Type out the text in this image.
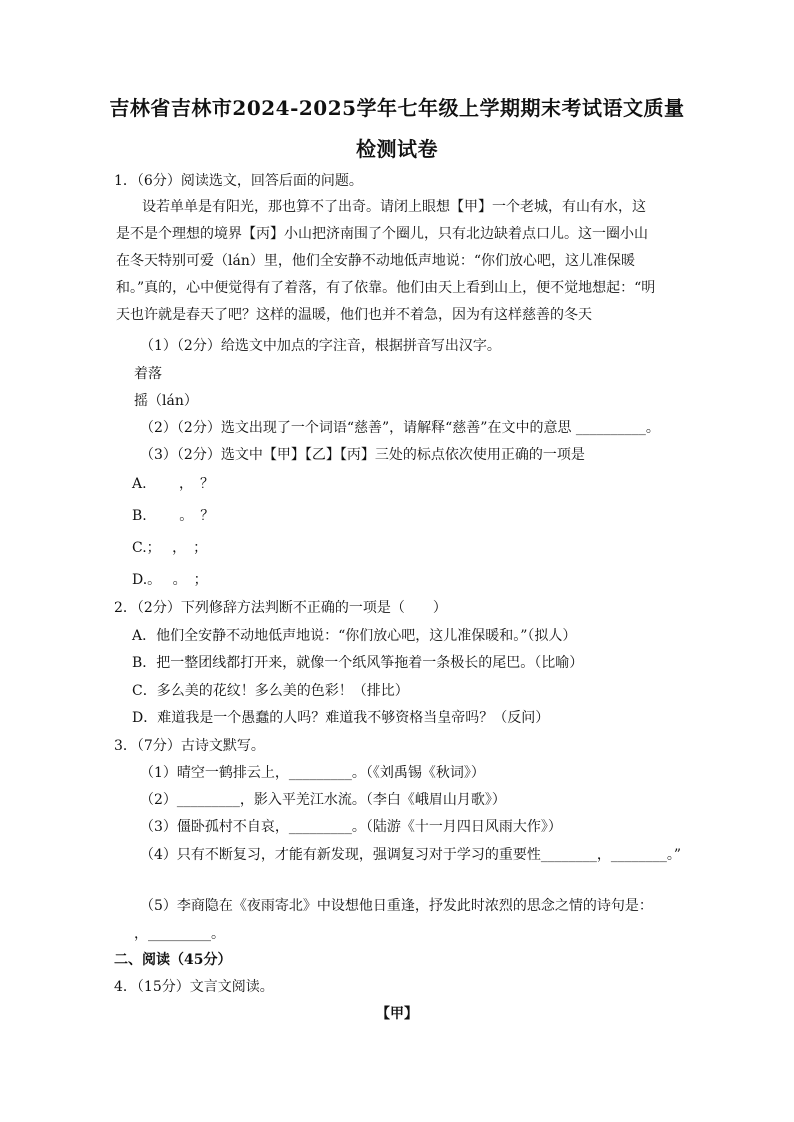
吉林省吉林市2024-2025学年七年级上学期期末考试语文质量
检测试卷
1．（6分）阅读选文，回答后面的问题。
设若单单是有阳光，那也算不了出奇。请闭上眼想【甲】一个老城，有山有水，这是不是个理想的境界【丙】小山把济南围了个圈儿，只有北边缺着点口儿。这一圈小山在冬天特别可爱（lán）里，他们全安静不动地低声地说：“你们放心吧，这儿准保暖和。”真的，心中便觉得有了着落，有了依靠。他们由天上看到山上，便不觉地想起：“明天也许就是春天了吧？这样的温暖，他们也并不着急，因为有这样慈善的冬天
（1）（2分）给选文中加点的字注音，根据拼音写出汉字。
着落
摇（lán）
（2）（2分）选文出现了一个词语“慈善”，请解释“慈善”在文中的意思 __________。
（3）（2分）选文中【甲】【乙】【丙】三处的标点依次使用正确的一项是
A.　　 ，　？
B.　　 。　？
C.；　 ，　；
D.。　 。　；
2．（2分）下列修辞方法判断不正确的一项是（　　）
A．他们全安静不动地低声地说：“你们放心吧，这儿准保暖和。”（拟人）
B．把一整团线都打开来，就像一个纸风筝拖着一条极长的尾巴。（比喻）
C．多么美的花纹！多么美的色彩！（排比）
D．难道我是一个愚蠢的人吗？难道我不够资格当皇帝吗？（反问）
3．（7分）古诗文默写。
（1）晴空一鹤排云上，_________。（《刘禹锡《秋词》）
（2）_________，影入平羌江水流。（李白《峨眉山月歌》）
（3）僵卧孤村不自哀，_________。（陆游《十一月四日风雨大作》）
（4）只有不断复习，才能有新发现，强调复习对于学习的重要性________，________。”
（5）李商隐在《夜雨寄北》中设想他日重逢，抒发此时浓烈的思念之情的诗句是：
，_________。
二、阅读（45分）
4．（15分）文言文阅读。
【甲】
